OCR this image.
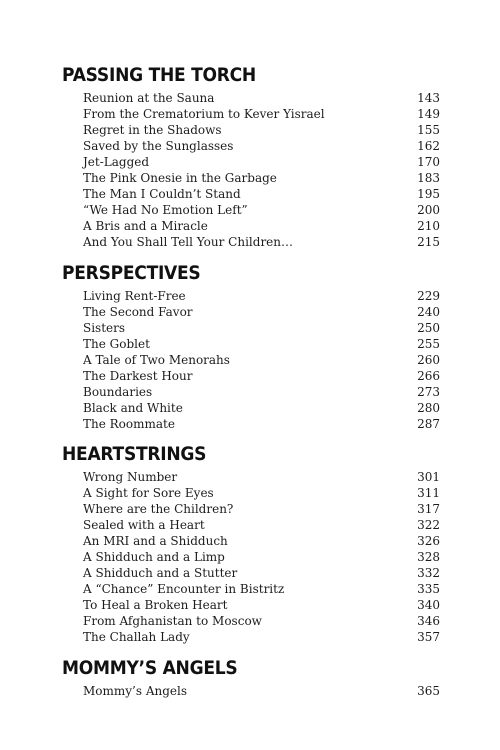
PASSING THE TORCH
Reunion at the Sauna	143
From the Crematorium to Kever Yisrael	149
Regret in the Shadows	155
Saved by the Sunglasses	162
Jet-Lagged	170
The Pink Onesie in the Garbage	183
The Man I Couldn’t Stand	195
“We Had No Emotion Left”	200
A Bris and a Miracle	210
And You Shall Tell Your Children…	215
PERSPECTIVES
Living Rent-Free	229
The Second Favor	240
Sisters	250
The Goblet	255
A Tale of Two Menorahs	260
The Darkest Hour	266
Boundaries	273
Black and White	280
The Roommate	287
HEARTSTRINGS
Wrong Number	301
A Sight for Sore Eyes	311
Where are the Children?	317
Sealed with a Heart	322
An MRI and a Shidduch	326
A Shidduch and a Limp	328
A Shidduch and a Stutter	332
A “Chance” Encounter in Bistritz	335
To Heal a Broken Heart	340
From Afghanistan to Moscow	346
The Challah Lady	357
MOMMY’S ANGELS
Mommy’s Angels	365
